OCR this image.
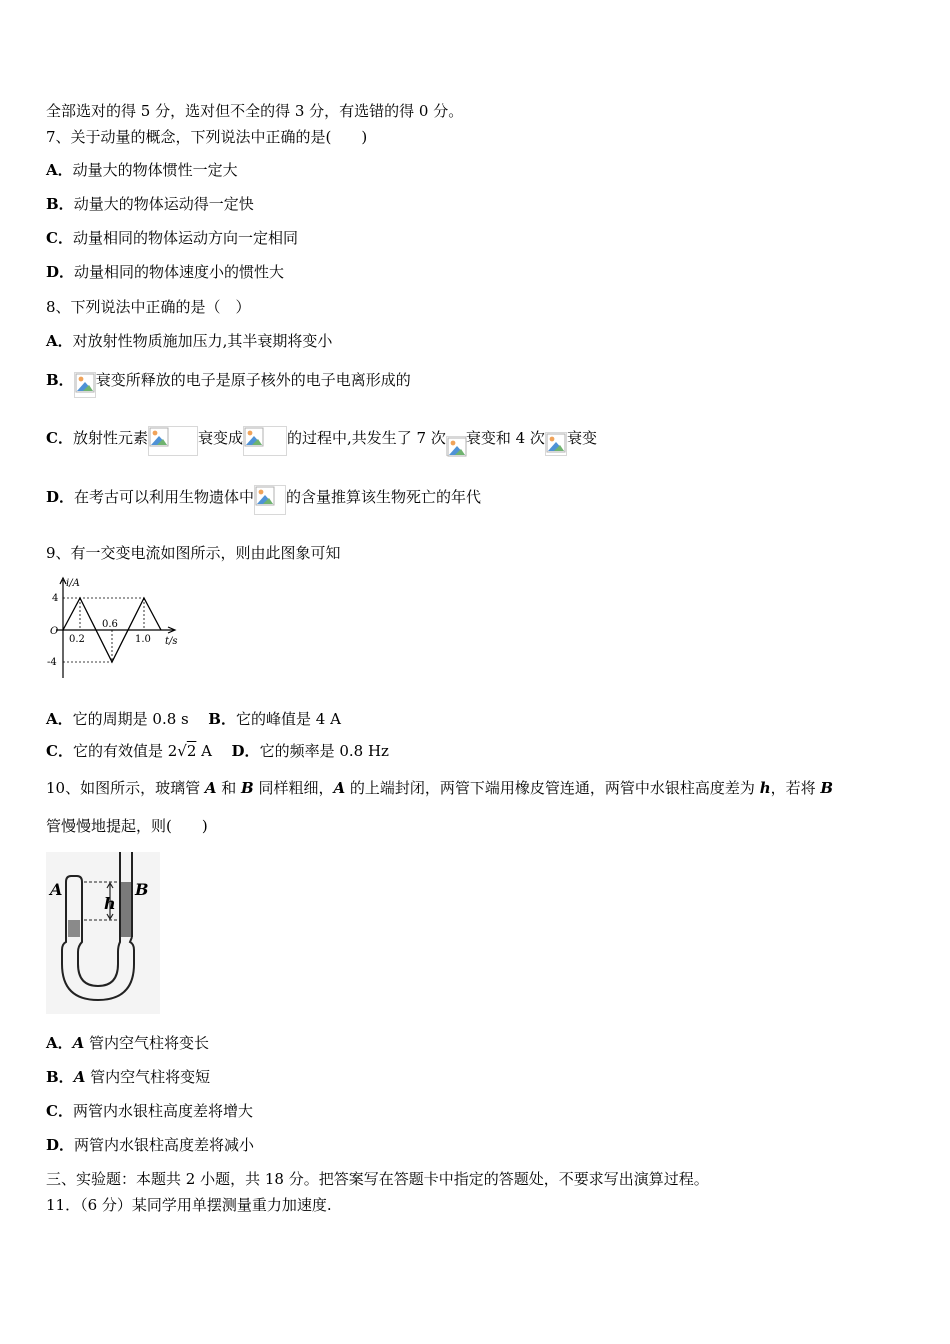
全部选对的得 5 分，选对但不全的得 3 分，有选错的得 0 分。
7、关于动量的概念，下列说法中正确的是(　　)
A．动量大的物体惯性一定大
B．动量大的物体运动得一定快
C．动量相同的物体运动方向一定相同
D．动量相同的物体速度小的惯性大
8、下列说法中正确的是（　）
A．对放射性物质施加压力,其半衰期将变小
B． 衰变所释放的电子是原子核外的电子电离形成的
C．放射性元素	衰变成	的过程中,共发生了 7 次 衰变和 4 次 衰变
D．在考古可以利用生物遗体中 的含量推算该生物死亡的年代
9、有一交变电流如图所示，则由此图象可知
i/A
t/s
O
4
-4
0.2
0.6
1.0
A．它的周期是 0.8 s B．它的峰值是 4 A
C．它的有效值是 2√2 A D．它的频率是 0.8 Hz
10、如图所示，玻璃管 A 和 B 同样粗细，A 的上端封闭，两管下端用橡皮管连通，两管中水银柱高度差为 h，若将 B
管慢慢地提起，则(　　)
A	B
h
A．A 管内空气柱将变长
B．A 管内空气柱将变短
C．两管内水银柱高度差将增大
D．两管内水银柱高度差将减小
三、实验题：本题共 2 小题，共 18 分。把答案写在答题卡中指定的答题处，不要求写出演算过程。
11．（6 分）某同学用单摆测量重力加速度.
